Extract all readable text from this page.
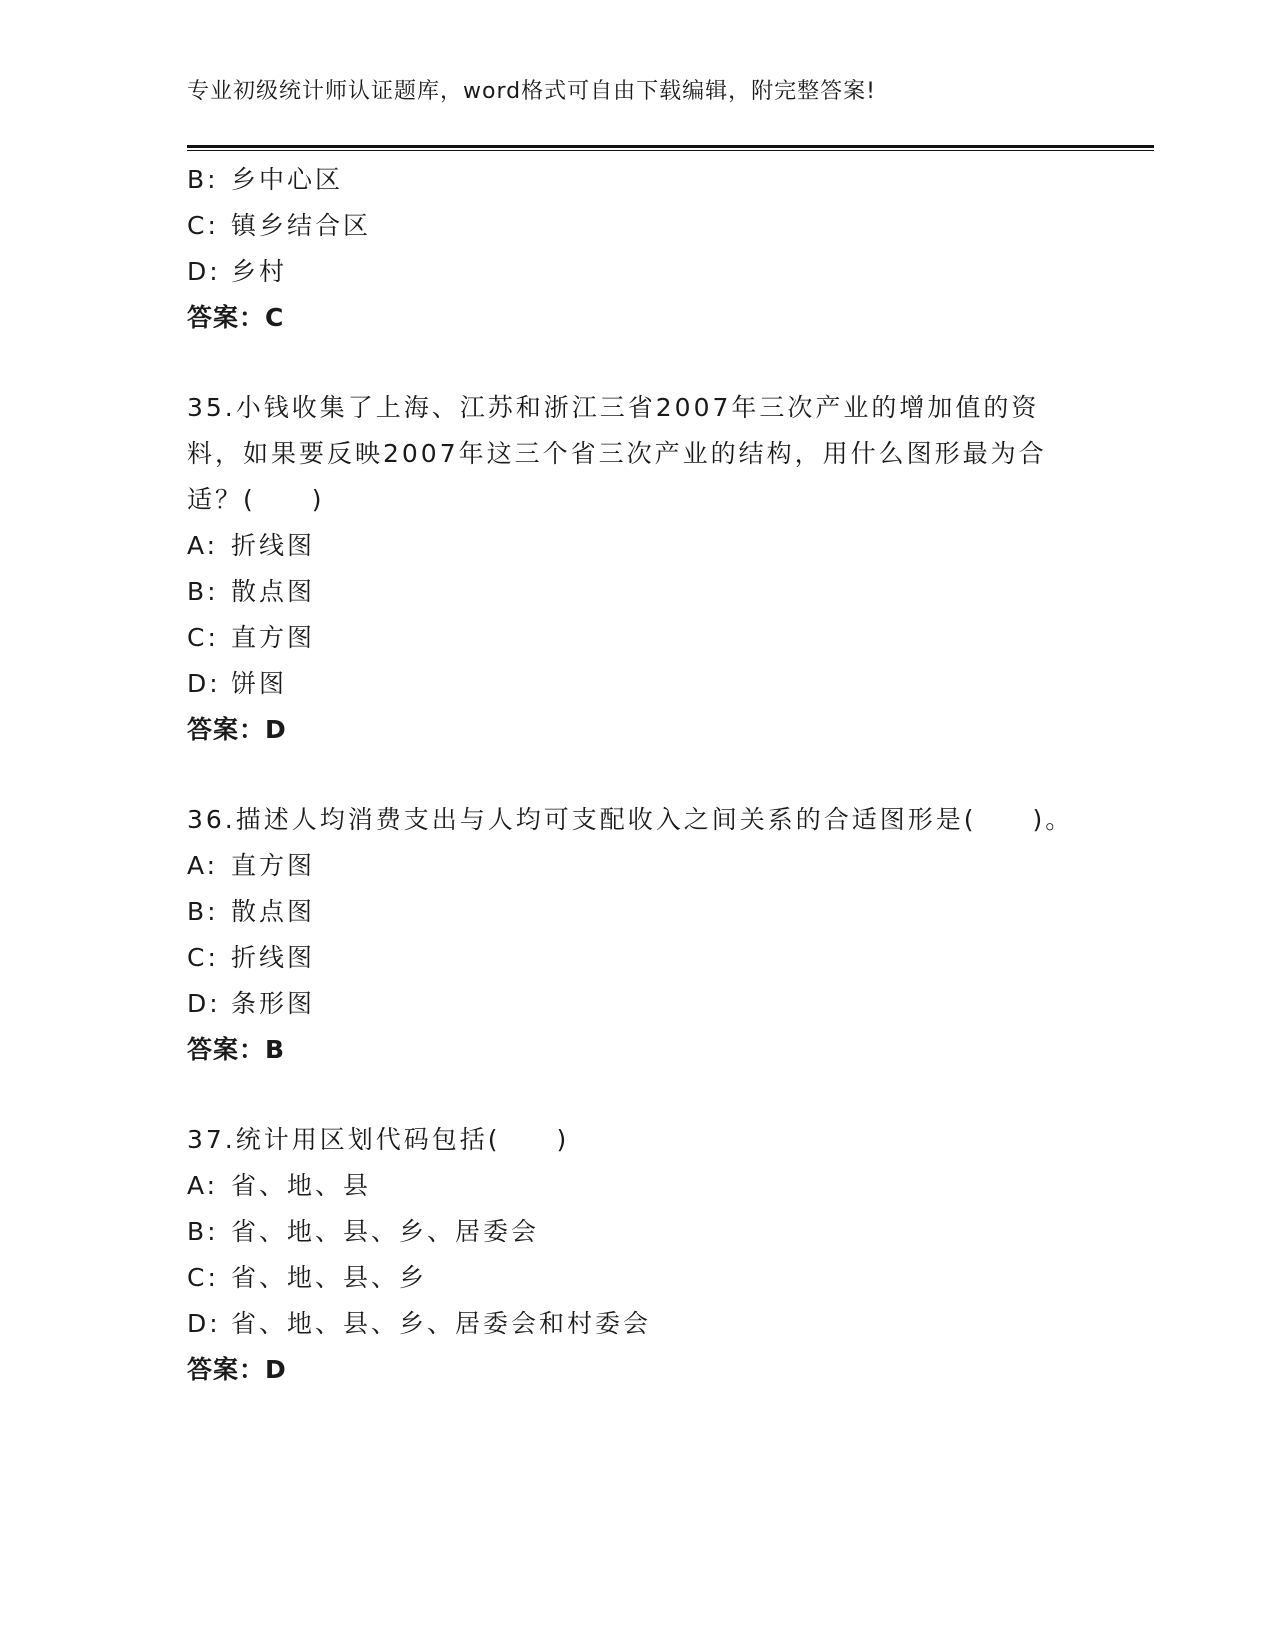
专业初级统计师认证题库，word格式可自由下载编辑，附完整答案!
B: 乡中心区
C: 镇乡结合区
D: 乡村
答案：C
35.小钱收集了上海、江苏和浙江三省2007年三次产业的增加值的资料，如果要反映2007年这三个省三次产业的结构，用什么图形最为合适？(　　)
A: 折线图
B: 散点图
C: 直方图
D: 饼图
答案：D
36.描述人均消费支出与人均可支配收入之间关系的合适图形是(　　)。
A: 直方图
B: 散点图
C: 折线图
D: 条形图
答案：B
37.统计用区划代码包括(　　)
A: 省、地、县
B: 省、地、县、乡、居委会
C: 省、地、县、乡
D: 省、地、县、乡、居委会和村委会
答案：D
